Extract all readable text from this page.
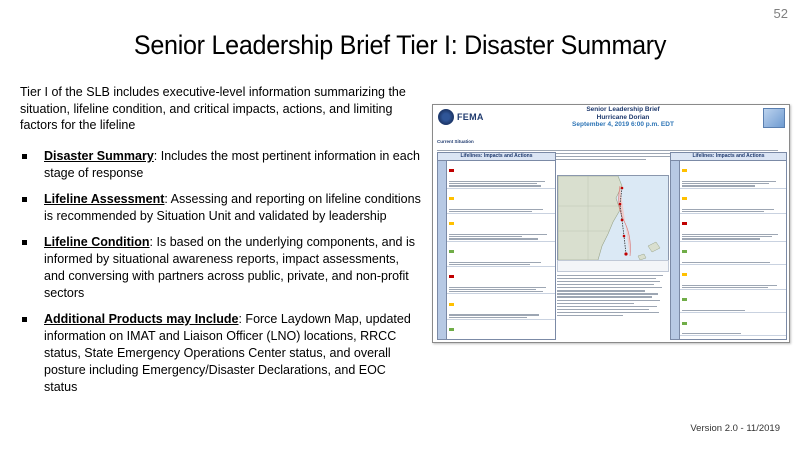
52
Senior Leadership Brief Tier I: Disaster Summary
Tier I of the SLB includes executive-level information summarizing the situation, lifeline condition, and critical impacts, actions, and limiting factors for the lifeline
Disaster Summary: Includes the most pertinent information in each stage of response
Lifeline Assessment: Assessing and reporting on lifeline conditions is recommended by Situation Unit and validated by leadership
Lifeline Condition: Is based on the underlying components, and is informed by situational awareness reports, impact assessments, and conversing with partners across public, private, and non-profit sectors
Additional Products may Include: Force Laydown Map, updated information on IMAT and Liaison Officer (LNO) locations, RRCC status, State Emergency Operations Center status, and overall posture including Emergency/Disaster Declarations, and EOC status
FEMA
Senior Leadership Brief
Hurricane Dorian
September 4, 2019 6:00 p.m. EDT
Current Situation
Lifelines: Impacts and Actions	Lifelines: Impacts and Actions
Version 2.0 - 11/2019
